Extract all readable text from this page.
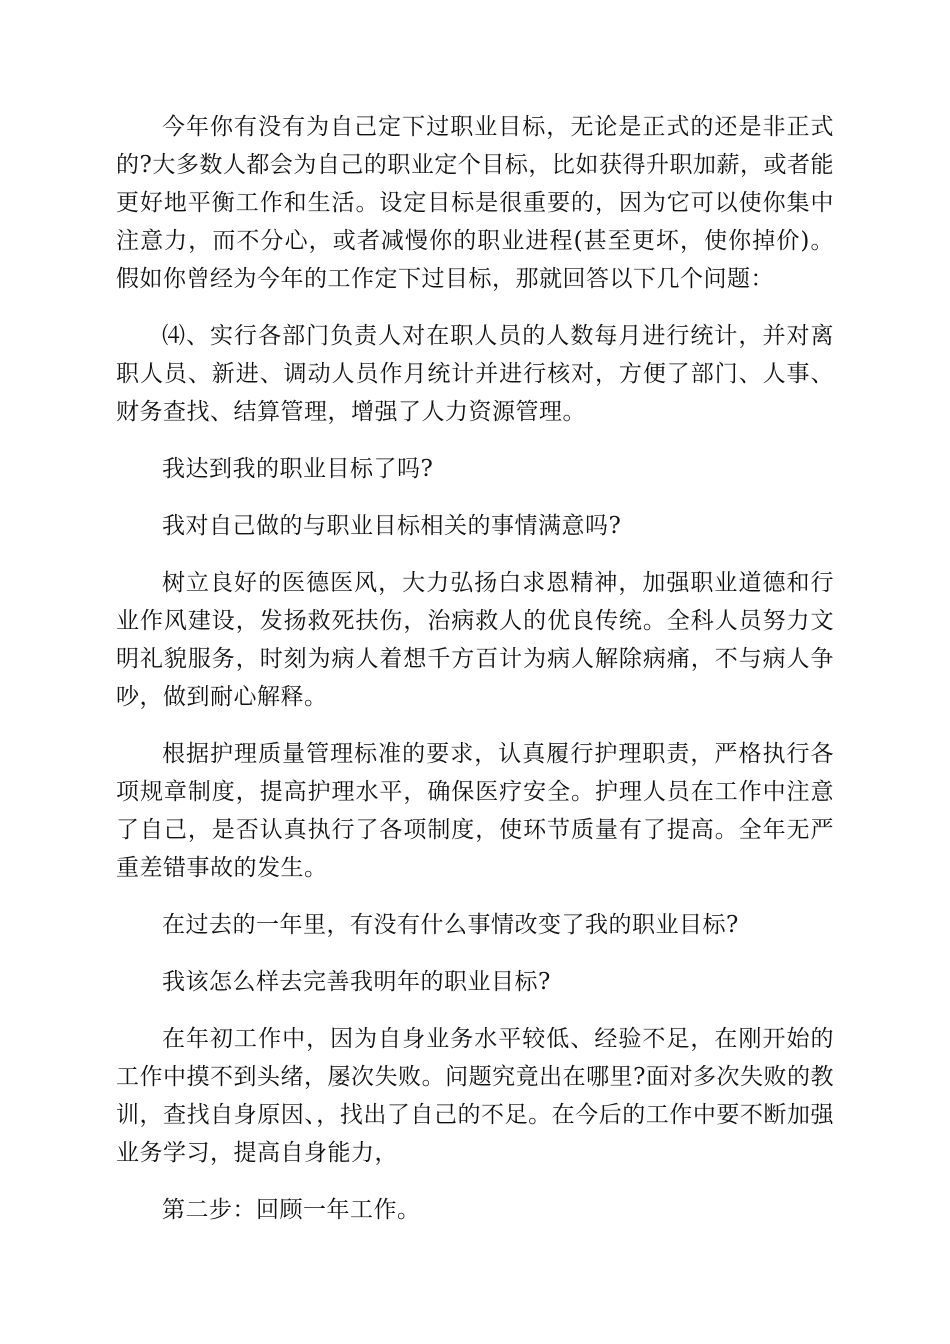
今年你有没有为自己定下过职业目标，无论是正式的还是非正式的?大多数人都会为自己的职业定个目标，比如获得升职加薪，或者能更好地平衡工作和生活。设定目标是很重要的，因为它可以使你集中注意力，而不分心，或者减慢你的职业进程(甚至更坏，使你掉价)。假如你曾经为今年的工作定下过目标，那就回答以下几个问题：

⑷、实行各部门负责人对在职人员的人数每月进行统计，并对离职人员、新进、调动人员作月统计并进行核对，方便了部门、人事、财务查找、结算管理，增强了人力资源管理。

我达到我的职业目标了吗?

我对自己做的与职业目标相关的事情满意吗?

树立良好的医德医风，大力弘扬白求恩精神，加强职业道德和行业作风建设，发扬救死扶伤，治病救人的优良传统。全科人员努力文明礼貌服务，时刻为病人着想千方百计为病人解除病痛，不与病人争吵，做到耐心解释。

根据护理质量管理标准的要求，认真履行护理职责，严格执行各项规章制度，提高护理水平，确保医疗安全。护理人员在工作中注意了自己，是否认真执行了各项制度，使环节质量有了提高。全年无严重差错事故的发生。

在过去的一年里，有没有什么事情改变了我的职业目标?

我该怎么样去完善我明年的职业目标?

在年初工作中，因为自身业务水平较低、经验不足，在刚开始的工作中摸不到头绪，屡次失败。问题究竟出在哪里?面对多次失败的教训，查找自身原因、，找出了自己的不足。在今后的工作中要不断加强业务学习，提高自身能力，

第二步：回顾一年工作。
